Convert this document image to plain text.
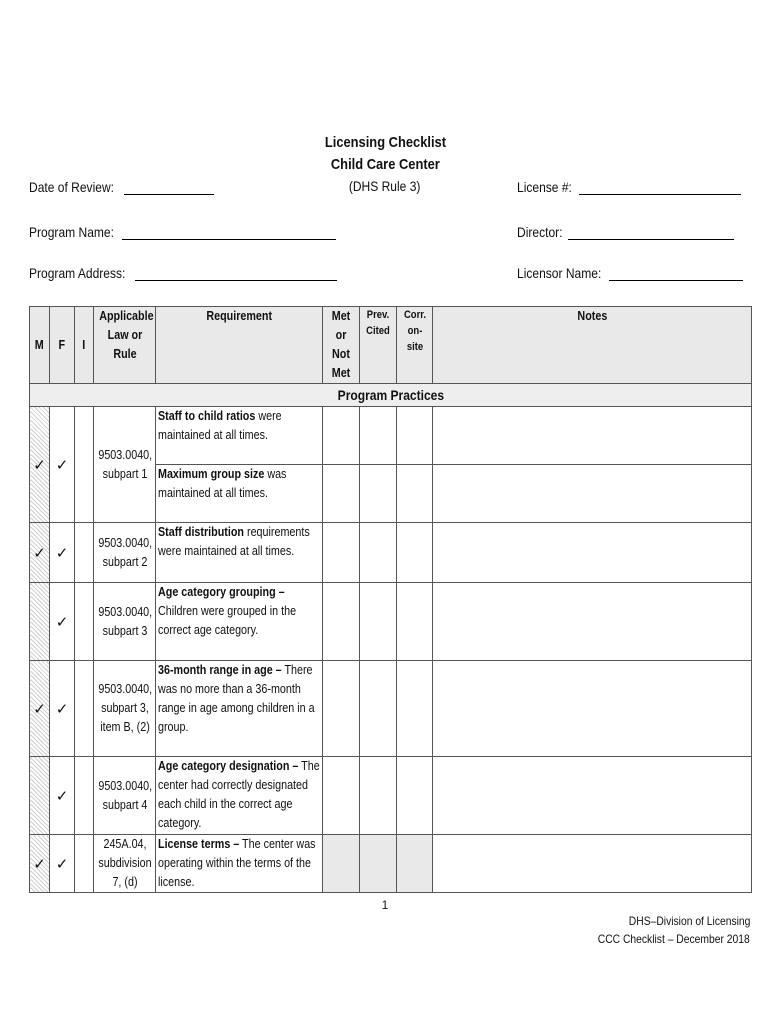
Licensing Checklist
Child Care Center
(DHS Rule 3)
Date of Review:	License #:
Program Name:	Director:
Program Address:	Licensor Name:
M	F	I	Applicable Law or Rule	Requirement	Met or Not Met	Prev. Cited	Corr. on-site	Notes
Program Practices								
✓	✓		9503.0040, subpart 1	Staff to child ratios were maintained at all times.				
				Maximum group size was maintained at all times.				
✓	✓		9503.0040, subpart 2	Staff distribution requirements were maintained at all times.				
	✓		9503.0040, subpart 3	Age category grouping – Children were grouped in the correct age category.				
✓	✓		9503.0040, subpart 3, item B, (2)	36-month range in age – There was no more than a 36-month range in age among children in a group.				
	✓		9503.0040, subpart 4	Age category designation – The center had correctly designated each child in the correct age category.				
✓	✓		245A.04, subdivision 7, (d)	License terms – The center was operating within the terms of the license.				
1
DHS–Division of Licensing
CCC Checklist – December 2018
